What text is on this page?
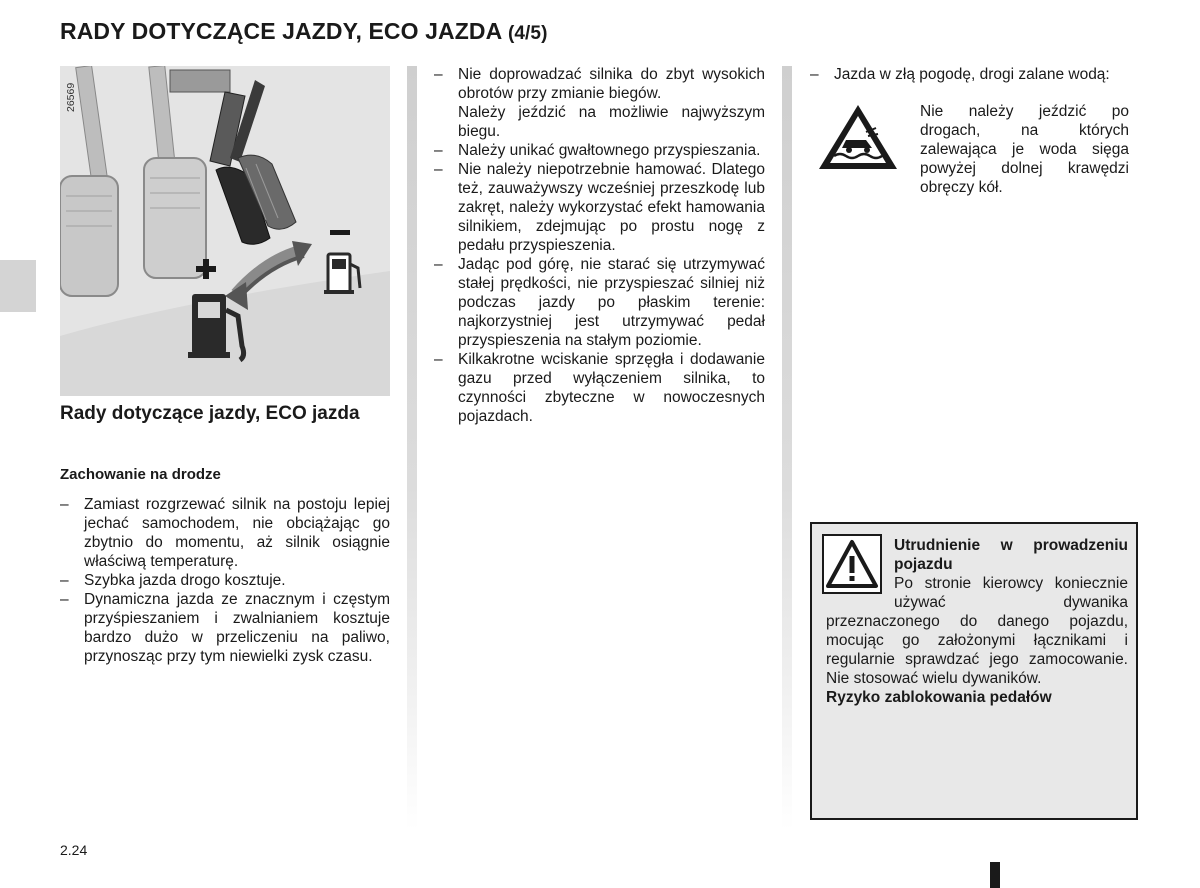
RADY DOTYCZĄCE JAZDY, ECO JAZDA (4/5)
26569
Rady dotyczące jazdy, ECO jazda
Zachowanie na drodze
– Zamiast rozgrzewać silnik na postoju lepiej jechać samochodem, nie obciążając go zbytnio do momentu, aż silnik osiągnie właściwą temperaturę.
– Szybka jazda drogo kosztuje.
– Dynamiczna jazda ze znacznym i częstym przyśpieszaniem i zwalnianiem kosztuje bardzo dużo w przeliczeniu na paliwo, przynosząc przy tym niewielki zysk czasu.
– Nie doprowadzać silnika do zbyt wysokich obrotów przy zmianie biegów.
Należy jeździć na możliwie najwyższym biegu.
– Należy unikać gwałtownego przyspieszania.
– Nie należy niepotrzebnie hamować. Dlatego też, zauważywszy wcześniej przeszkodę lub zakręt, należy wykorzystać efekt hamowania silnikiem, zdejmując po prostu nogę z pedału przyspieszenia.
– Jadąc pod górę, nie starać się utrzymywać stałej prędkości, nie przyspieszać silniej niż podczas jazdy po płaskim terenie: najkorzystniej jest utrzymywać pedał przyspieszenia na stałym poziomie.
– Kilkakrotne wciskanie sprzęgła i dodawanie gazu przed wyłączeniem silnika, to czynności zbyteczne w nowoczesnych pojazdach.
– Jazda w złą pogodę, drogi zalane wodą:
Nie należy jeździć po drogach, na których zalewająca je woda sięga powyżej dolnej krawędzi obręczy kół.
Utrudnienie w prowadzeniu pojazdu
Po stronie kierowcy koniecznie używać dywanika przeznaczonego do danego pojazdu, mocując go założonymi łącznikami i regularnie sprawdzać jego zamocowanie. Nie stosować wielu dywaników.
Ryzyko zablokowania pedałów
2.24
